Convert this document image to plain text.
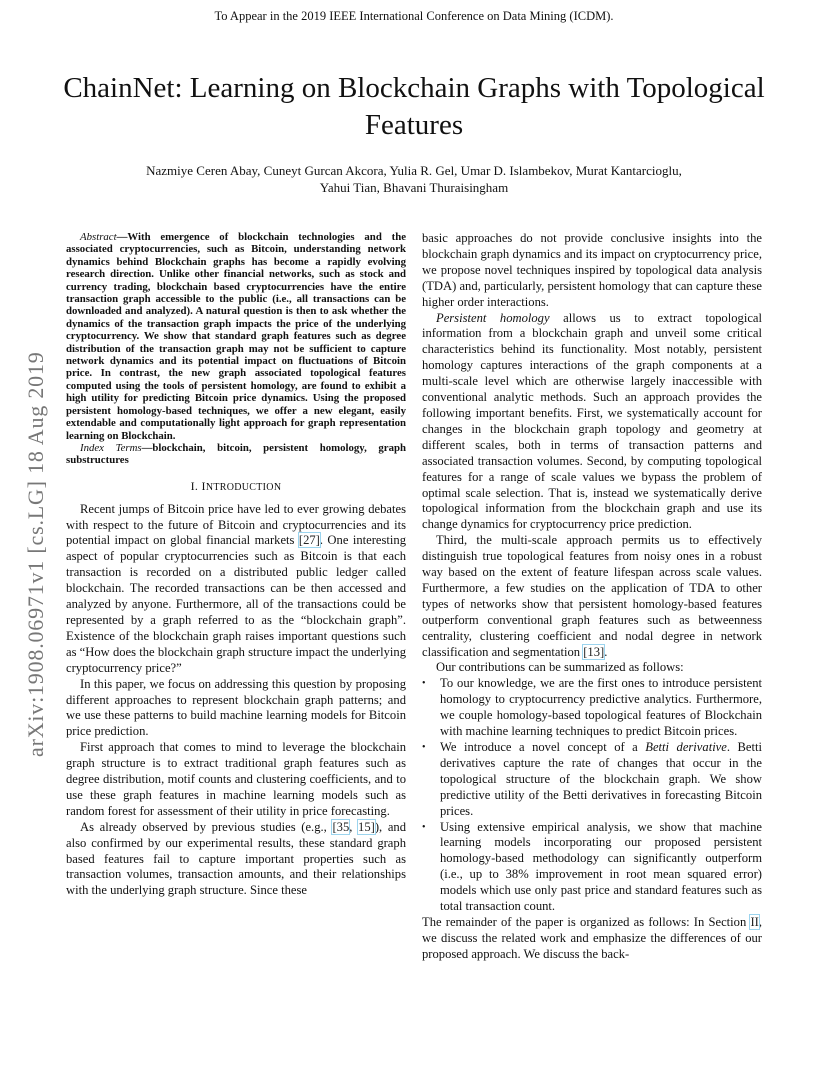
To Appear in the 2019 IEEE International Conference on Data Mining (ICDM).
ChainNet: Learning on Blockchain Graphs with Topological Features
Nazmiye Ceren Abay, Cuneyt Gurcan Akcora, Yulia R. Gel, Umar D. Islambekov, Murat Kantarcioglu,
Yahui Tian, Bhavani Thuraisingham
arXiv:1908.06971v1 [cs.LG] 18 Aug 2019

Abstract—With emergence of blockchain technologies and the associated cryptocurrencies, such as Bitcoin, understanding network dynamics behind Blockchain graphs has become a rapidly evolving research direction. Unlike other financial networks, such as stock and currency trading, blockchain based cryptocurrencies have the entire transaction graph accessible to the public (i.e., all transactions can be downloaded and analyzed). A natural question is then to ask whether the dynamics of the transaction graph impacts the price of the underlying cryptocurrency. We show that standard graph features such as degree distribution of the transaction graph may not be sufficient to capture network dynamics and its potential impact on fluctuations of Bitcoin price. In contrast, the new graph associated topological features computed using the tools of persistent homology, are found to exhibit a high utility for predicting Bitcoin price dynamics. Using the proposed persistent homology-based techniques, we offer a new elegant, easily extendable and computationally light approach for graph representation learning on Blockchain.

Index Terms—blockchain, bitcoin, persistent homology, graph substructures

I. INTRODUCTION

Recent jumps of Bitcoin price have led to ever growing debates with respect to the future of Bitcoin and cryptocurrencies and its potential impact on global financial markets [27]. One interesting aspect of popular cryptocurrencies such as Bitcoin is that each transaction is recorded on a distributed public ledger called blockchain. The recorded transactions can be then accessed and analyzed by anyone. Furthermore, all of the transactions could be represented by a graph referred to as the “blockchain graph”. Existence of the blockchain graph raises important questions such as “How does the blockchain graph structure impact the underlying cryptocurrency price?”

In this paper, we focus on addressing this question by proposing different approaches to represent blockchain graph patterns; and we use these patterns to build machine learning models for Bitcoin price prediction.

First approach that comes to mind to leverage the blockchain graph structure is to extract traditional graph features such as degree distribution, motif counts and clustering coefficients, and to use these graph features in machine learning models such as random forest for assessment of their utility in price forecasting.

As already observed by previous studies (e.g., [35, 15]), and also confirmed by our experimental results, these standard graph based features fail to capture important properties such as transaction volumes, transaction amounts, and their relationships with the underlying graph structure. Since these

basic approaches do not provide conclusive insights into the blockchain graph dynamics and its impact on cryptocurrency price, we propose novel techniques inspired by topological data analysis (TDA) and, particularly, persistent homology that can capture these higher order interactions.

Persistent homology allows us to extract topological information from a blockchain graph and unveil some critical characteristics behind its functionality. Most notably, persistent homology captures interactions of the graph components at a multi-scale level which are otherwise largely inaccessible with conventional analytic methods. Such an approach provides the following important benefits. First, we systematically account for changes in the blockchain graph topology and geometry at different scales, both in terms of transaction patterns and associated transaction volumes. Second, by computing topological features for a range of scale values we bypass the problem of optimal scale selection. That is, instead we systematically derive topological information from the blockchain graph and use its change dynamics for cryptocurrency price prediction.

Third, the multi-scale approach permits us to effectively distinguish true topological features from noisy ones in a robust way based on the extent of feature lifespan across scale values. Furthermore, a few studies on the application of TDA to other types of networks show that persistent homology-based features outperform conventional graph features such as betweenness centrality, clustering coefficient and nodal degree in network classification and segmentation [13].

Our contributions can be summarized as follows:

•	To our knowledge, we are the first ones to introduce persistent homology to cryptocurrency predictive analytics. Furthermore, we couple homology-based topological features of Blockchain with machine learning techniques to predict Bitcoin prices.
•	We introduce a novel concept of a Betti derivative. Betti derivatives capture the rate of changes that occur in the topological structure of the blockchain graph. We show predictive utility of the Betti derivatives in forecasting Bitcoin prices.
•	Using extensive empirical analysis, we show that machine learning models incorporating our proposed persistent homology-based methodology can significantly outperform (i.e., up to 38% improvement in root mean squared error) models which use only past price and standard features such as total transaction count.

The remainder of the paper is organized as follows: In Section II, we discuss the related work and emphasize the differences of our proposed approach. We discuss the back-
